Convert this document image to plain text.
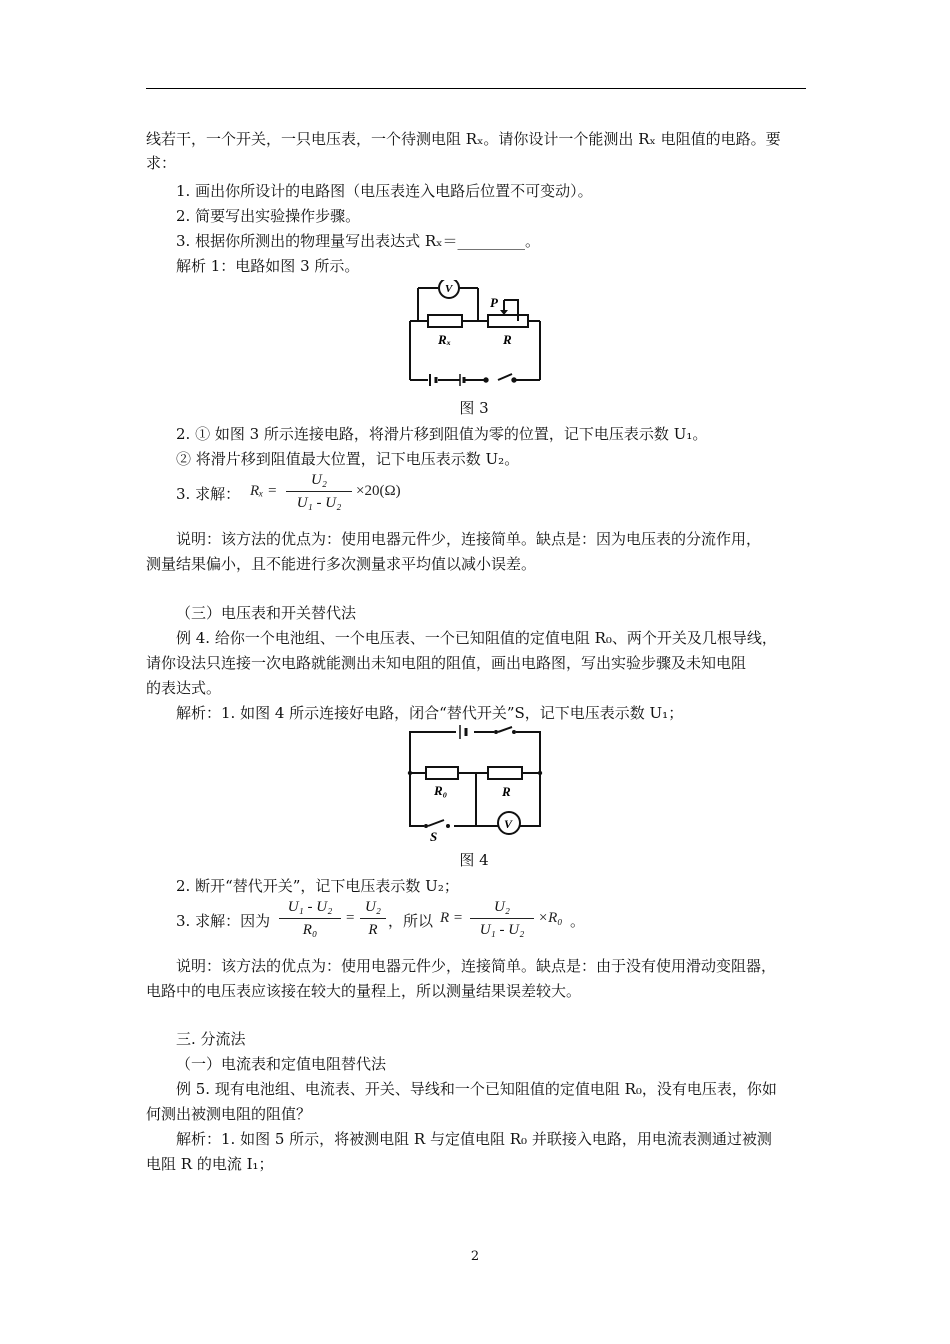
线若干，一个开关，一只电压表，一个待测电阻 Rₓ。请你设计一个能测出 Rₓ 电阻值的电路。要
求：
1. 画出你所设计的电路图（电压表连入电路后位置不可变动）。
2. 简要写出实验操作步骤。
3. 根据你所测出的物理量写出表达式 Rₓ＝_________。
解析 1：电路如图 3 所示。
V
P
Rₓ	R
图 3
2. ① 如图 3 所示连接电路，将滑片移到阻值为零的位置，记下电压表示数 U₁。
② 将滑片移到阻值最大位置，记下电压表示数 U₂。
3. 求解： Rₓ =
U₂
U₁ - U₂
×20(Ω)
说明：该方法的优点为：使用电器元件少，连接简单。缺点是：因为电压表的分流作用，
测量结果偏小，且不能进行多次测量求平均值以减小误差。
（三）电压表和开关替代法
例 4. 给你一个电池组、一个电压表、一个已知阻值的定值电阻 R₀、两个开关及几根导线，
请你设法只连接一次电路就能测出未知电阻的阻值，画出电路图，写出实验步骤及未知电阻
的表达式。
解析：1. 如图 4 所示连接好电路，闭合“替代开关”S，记下电压表示数 U₁；
R₀	R
S
V
图 4
2. 断开“替代开关”，记下电压表示数 U₂；
3. 求解：因为
U₁ - U₂
R₀
=
U₂
R ，所以 R =
U₂
U₁ - U₂
×R₀ 。
说明：该方法的优点为：使用电器元件少，连接简单。缺点是：由于没有使用滑动变阻器，
电路中的电压表应该接在较大的量程上，所以测量结果误差较大。
三. 分流法
（一）电流表和定值电阻替代法
例 5. 现有电池组、电流表、开关、导线和一个已知阻值的定值电阻 R₀，没有电压表，你如
何测出被测电阻的阻值？
解析：1. 如图 5 所示，将被测电阻 R 与定值电阻 R₀ 并联接入电路，用电流表测通过被测
电阻 R 的电流 I₁；
2
